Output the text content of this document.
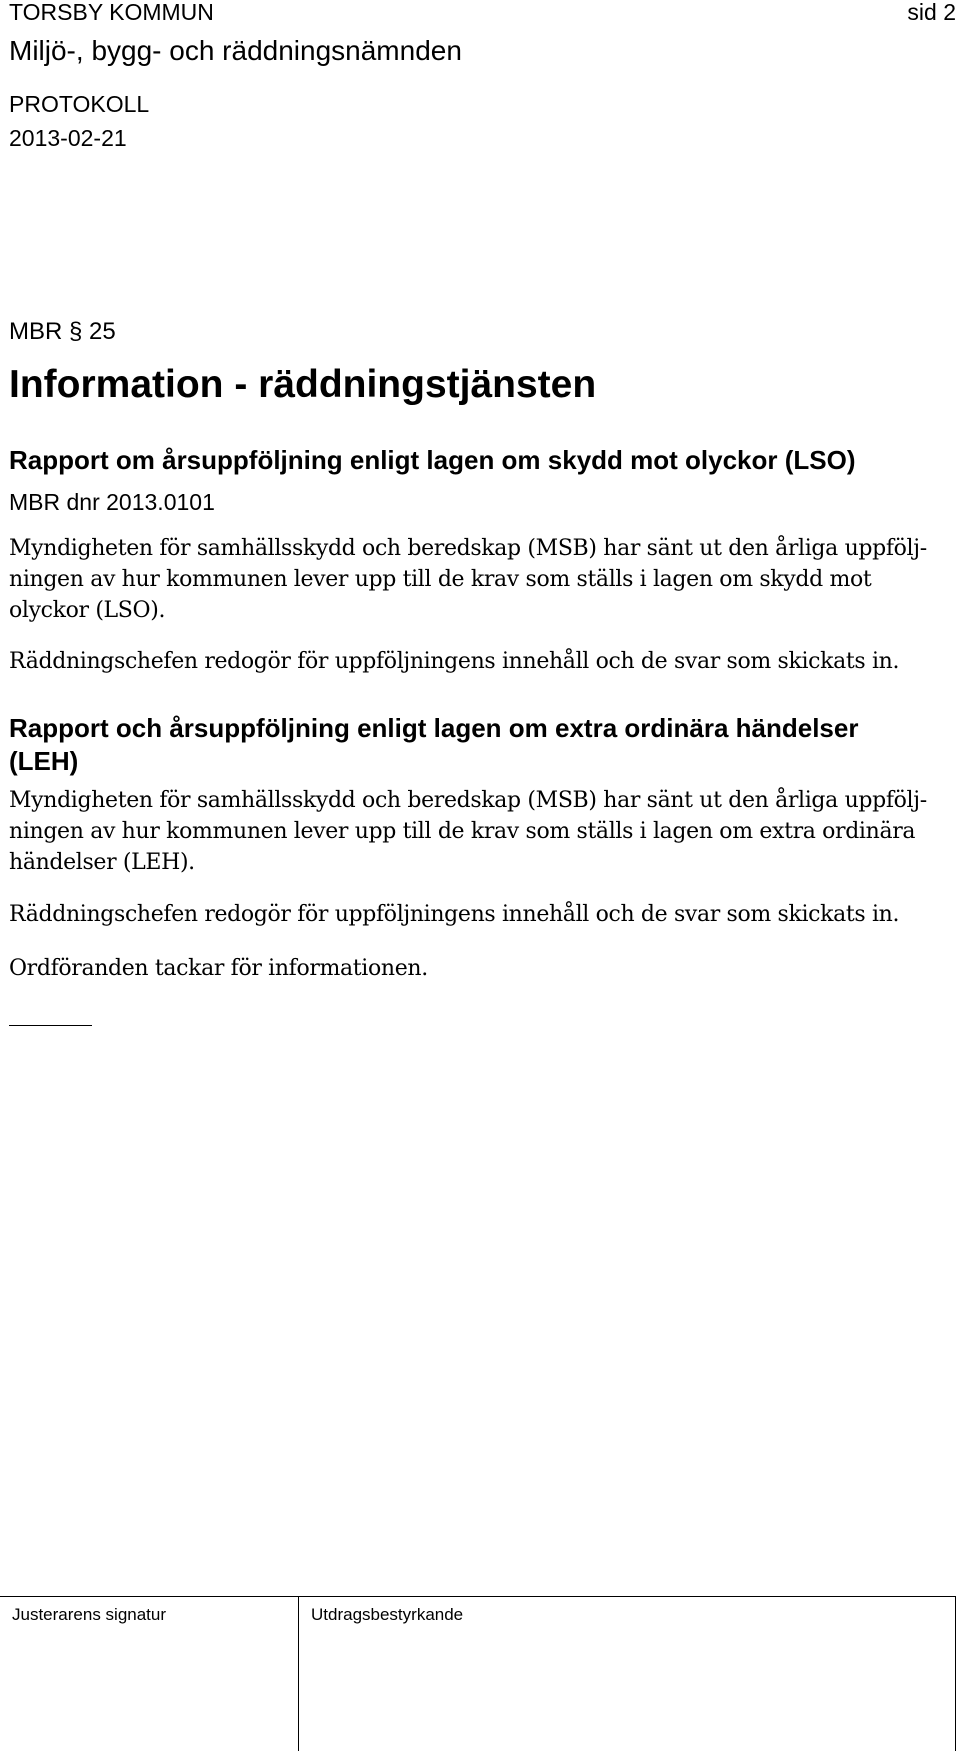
TORSBY KOMMUN	sid 2
Miljö-, bygg- och räddningsnämnden
PROTOKOLL
2013-02-21
MBR § 25
Information - räddningstjänsten
Rapport om årsuppföljning enligt lagen om skydd mot olyckor (LSO)
MBR dnr 2013.0101

Myndigheten för samhällsskydd och beredskap (MSB) har sänt ut den årliga uppfölj-
ningen av hur kommunen lever upp till de krav som ställs i lagen om skydd mot
olyckor (LSO).

Räddningschefen redogör för uppföljningens innehåll och de svar som skickats in.

Rapport och årsuppföljning enligt lagen om extra ordinära händelser
(LEH)

Myndigheten för samhällsskydd och beredskap (MSB) har sänt ut den årliga uppfölj-
ningen av hur kommunen lever upp till de krav som ställs i lagen om extra ordinära
händelser (LEH).

Räddningschefen redogör för uppföljningens innehåll och de svar som skickats in.

Ordföranden tackar för informationen.

Justerarens signatur	Utdragsbestyrkande
